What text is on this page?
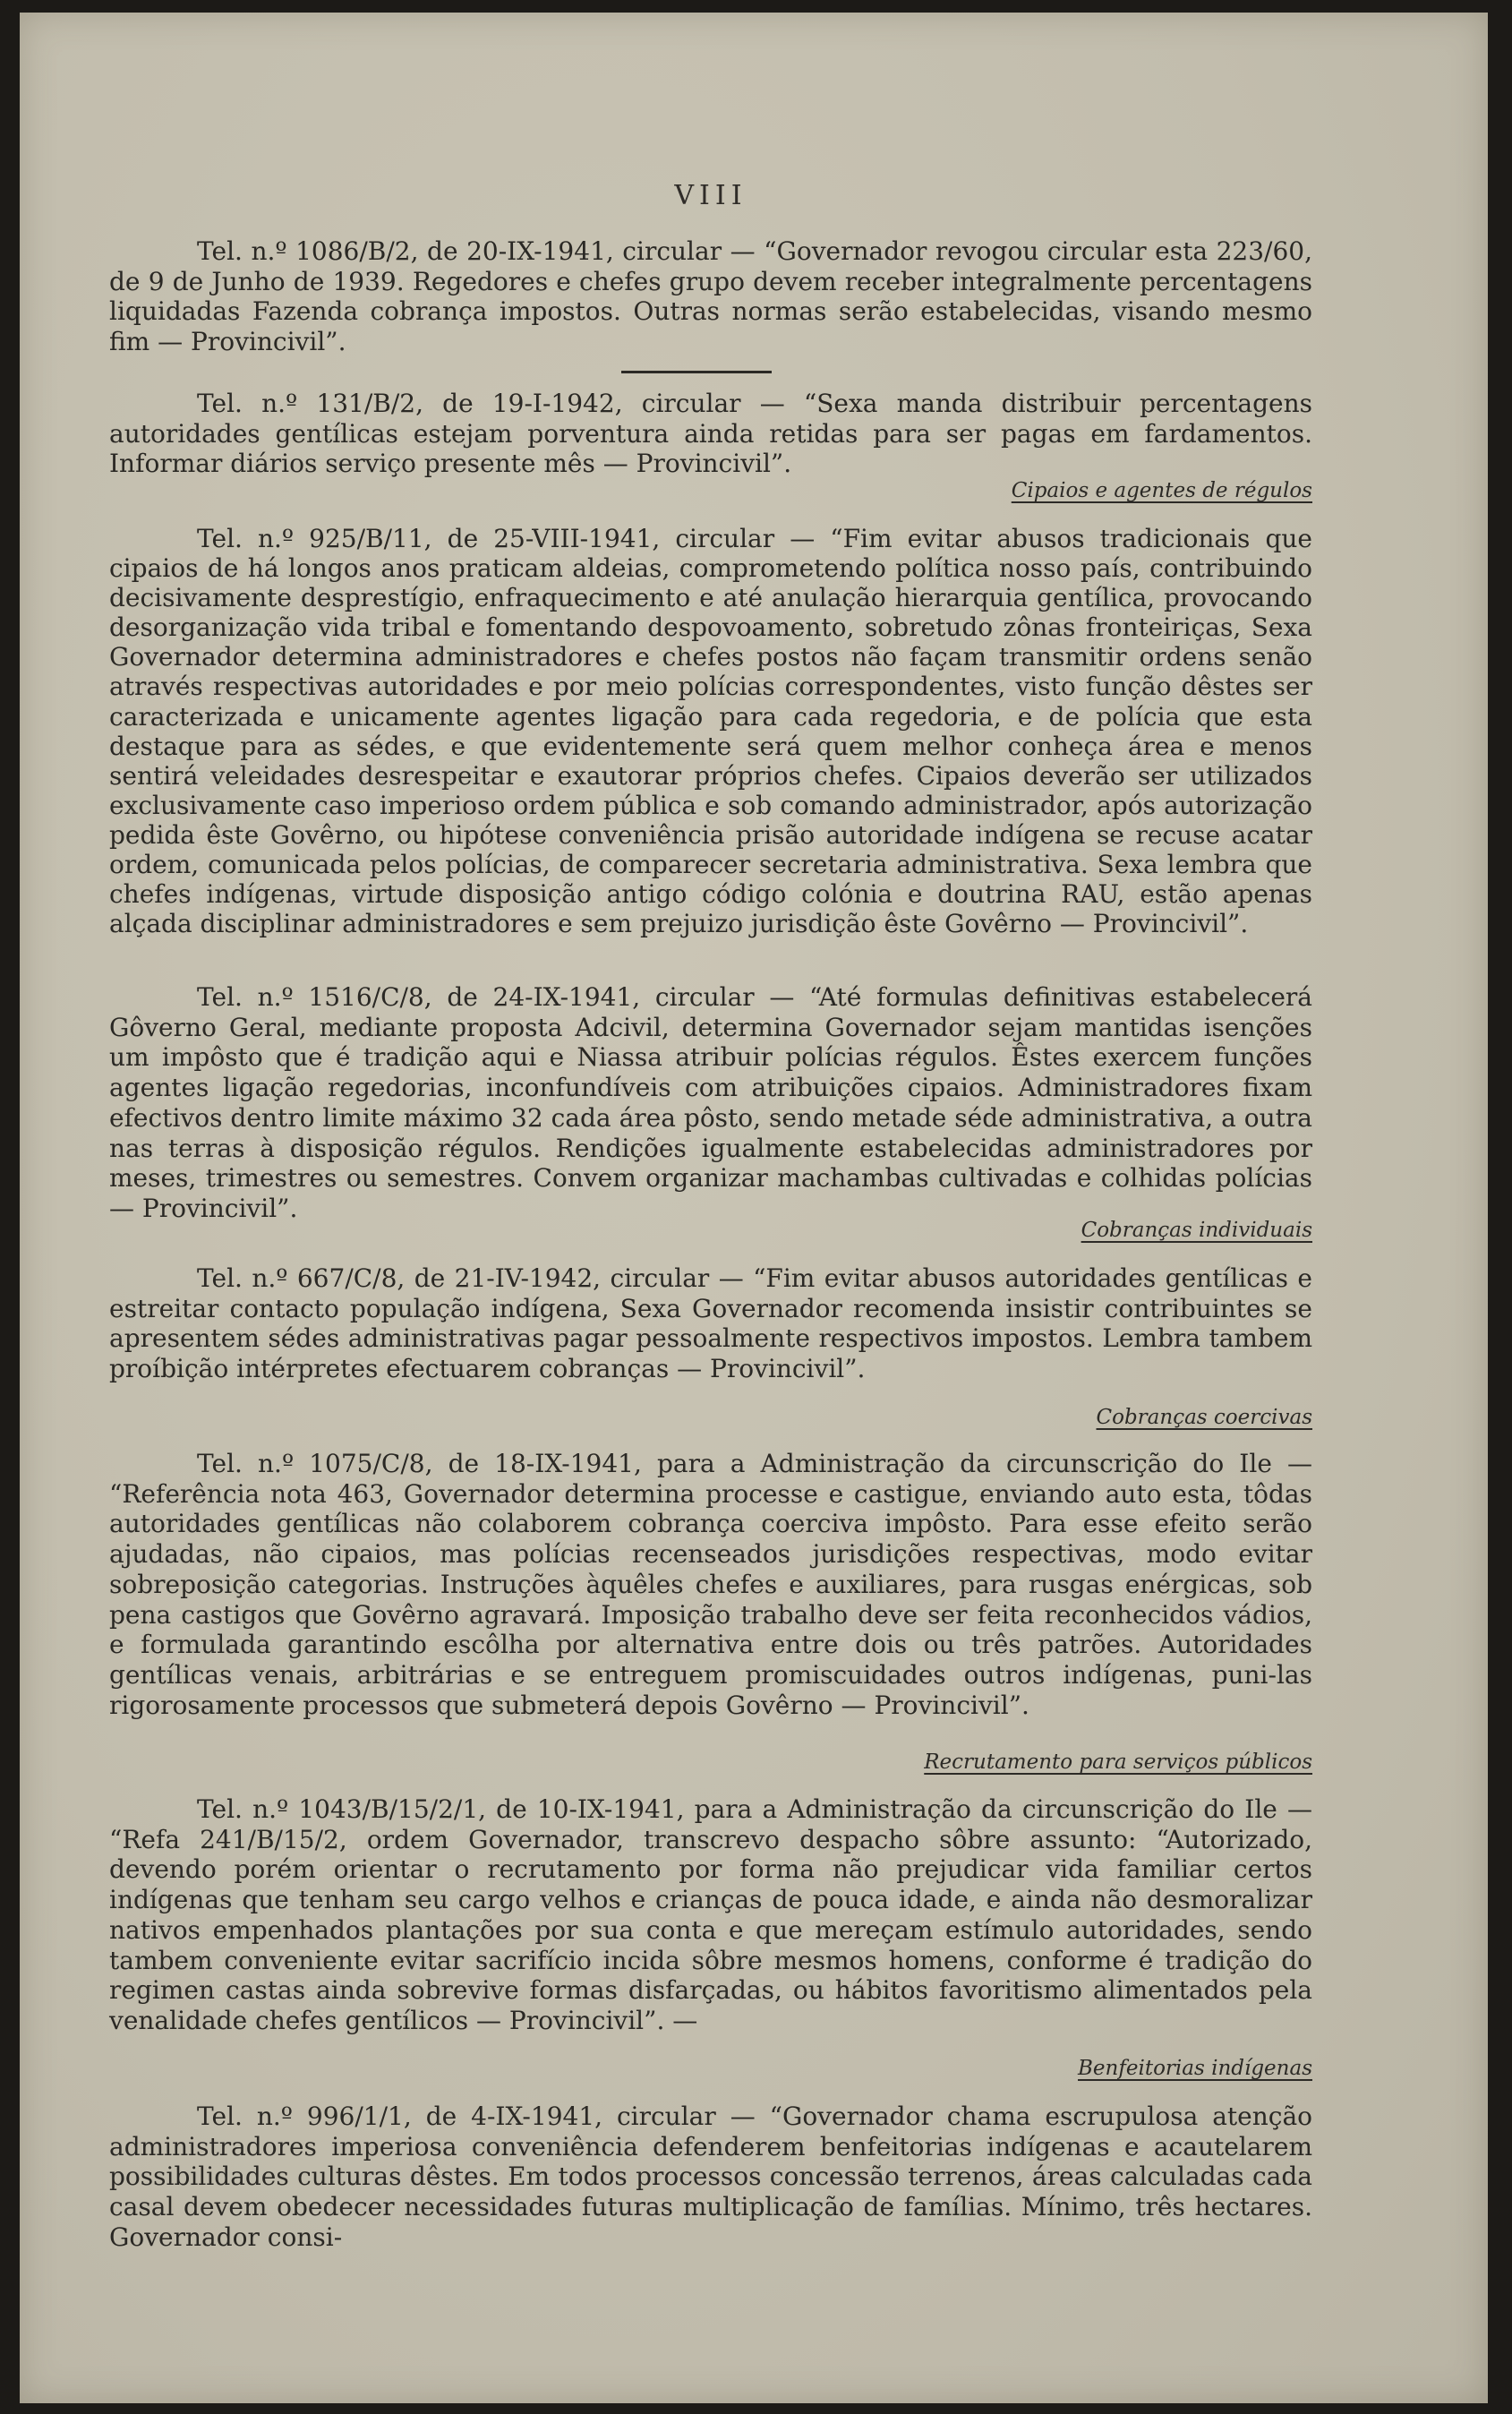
VIII

Tel. n.º 1086/B/2, de 20-IX-1941, circular — “Governador revogou circular esta 223/60, de 9 de Junho de 1939. Regedores e chefes grupo devem receber integralmente percentagens liquidadas Fazenda cobrança impostos. Outras normas serão estabelecidas, visando mesmo fim — Provincivil”.

Tel. n.º 131/B/2, de 19-I-1942, circular — “Sexa manda distribuir percentagens autoridades gentílicas estejam porventura ainda retidas para ser pagas em fardamentos. Informar diários serviço presente mês — Provincivil”.

Cipaios e agentes de régulos

Tel. n.º 925/B/11, de 25-VIII-1941, circular — “Fim evitar abusos tradicionais que cipaios de há longos anos praticam aldeias, comprometendo política nosso país, contribuindo decisivamente desprestígio, enfraquecimento e até anulação hierarquia gentílica, provocando desorganização vida tribal e fomentando despovoamento, sobretudo zônas fronteiriças, Sexa Governador determina administradores e chefes postos não façam transmitir ordens senão através respectivas autoridades e por meio polícias correspondentes, visto função dêstes ser caracterizada e unicamente agentes ligação para cada regedoria, e de polícia que esta destaque para as sédes, e que evidentemente será quem melhor conheça área e menos sentirá veleidades desrespeitar e exautorar próprios chefes. Cipaios deverão ser utilizados exclusivamente caso imperioso ordem pública e sob comando administrador, após autorização pedida êste Govêrno, ou hipótese conveniência prisão autoridade indígena se recuse acatar ordem, comunicada pelos polícias, de comparecer secretaria administrativa. Sexa lembra que chefes indígenas, virtude disposição antigo código colónia e doutrina RAU, estão apenas alçada disciplinar administradores e sem prejuizo jurisdição êste Govêrno — Provincivil”.

Tel. n.º 1516/C/8, de 24-IX-1941, circular — “Até formulas definitivas estabelecerá Gôverno Geral, mediante proposta Adcivil, determina Governador sejam mantidas isenções um impôsto que é tradição aqui e Niassa atribuir polícias régulos. Êstes exercem funções agentes ligação regedorias, inconfundíveis com atribuições cipaios. Administradores fixam efectivos dentro limite máximo 32 cada área pôsto, sendo metade séde administrativa, a outra nas terras à disposição régulos. Rendições igualmente estabelecidas administradores por meses, trimestres ou semestres. Convem organizar machambas cultivadas e colhidas polícias — Provincivil”.

Cobranças individuais

Tel. n.º 667/C/8, de 21-IV-1942, circular — “Fim evitar abusos autoridades gentílicas e estreitar contacto população indígena, Sexa Governador recomenda insistir contribuintes se apresentem sédes administrativas pagar pessoalmente respectivos impostos. Lembra tambem proíbição intérpretes efectuarem cobranças — Provincivil”.

Cobranças coercivas

Tel. n.º 1075/C/8, de 18-IX-1941, para a Administração da circunscrição do Ile — “Referência nota 463, Governador determina processe e castigue, enviando auto esta, tôdas autoridades gentílicas não colaborem cobrança coerciva impôsto. Para esse efeito serão ajudadas, não cipaios, mas polícias recenseados jurisdições respectivas, modo evitar sobreposição categorias. Instruções àquêles chefes e auxiliares, para rusgas enérgicas, sob pena castigos que Govêrno agravará. Imposição trabalho deve ser feita reconhecidos vádios, e formulada garantindo escôlha por alternativa entre dois ou três patrões. Autoridades gentílicas venais, arbitrárias e se entreguem promiscuidades outros indígenas, puni-las rigorosamente processos que submeterá depois Govêrno — Provincivil”.

Recrutamento para serviços públicos

Tel. n.º 1043/B/15/2/1, de 10-IX-1941, para a Administração da circunscrição do Ile — “Refa 241/B/15/2, ordem Governador, transcrevo despacho sôbre assunto: “Autorizado, devendo porém orientar o recrutamento por forma não prejudicar vida familiar certos indígenas que tenham seu cargo velhos e crianças de pouca idade, e ainda não desmoralizar nativos empenhados plantações por sua conta e que mereçam estímulo autoridades, sendo tambem conveniente evitar sacrifício incida sôbre mesmos homens, conforme é tradição do regimen castas ainda sobrevive formas disfarçadas, ou hábitos favoritismo alimentados pela venalidade chefes gentílicos — Provincivil”. —

Benfeitorias indígenas

Tel. n.º 996/1/1, de 4-IX-1941, circular — “Governador chama escrupulosa atenção administradores imperiosa conveniência defenderem benfeitorias indígenas e acautelarem possibilidades culturas dêstes. Em todos processos concessão terrenos, áreas calculadas cada casal devem obedecer necessidades futuras multiplicação de famílias. Mínimo, três hectares. Governador consi-
